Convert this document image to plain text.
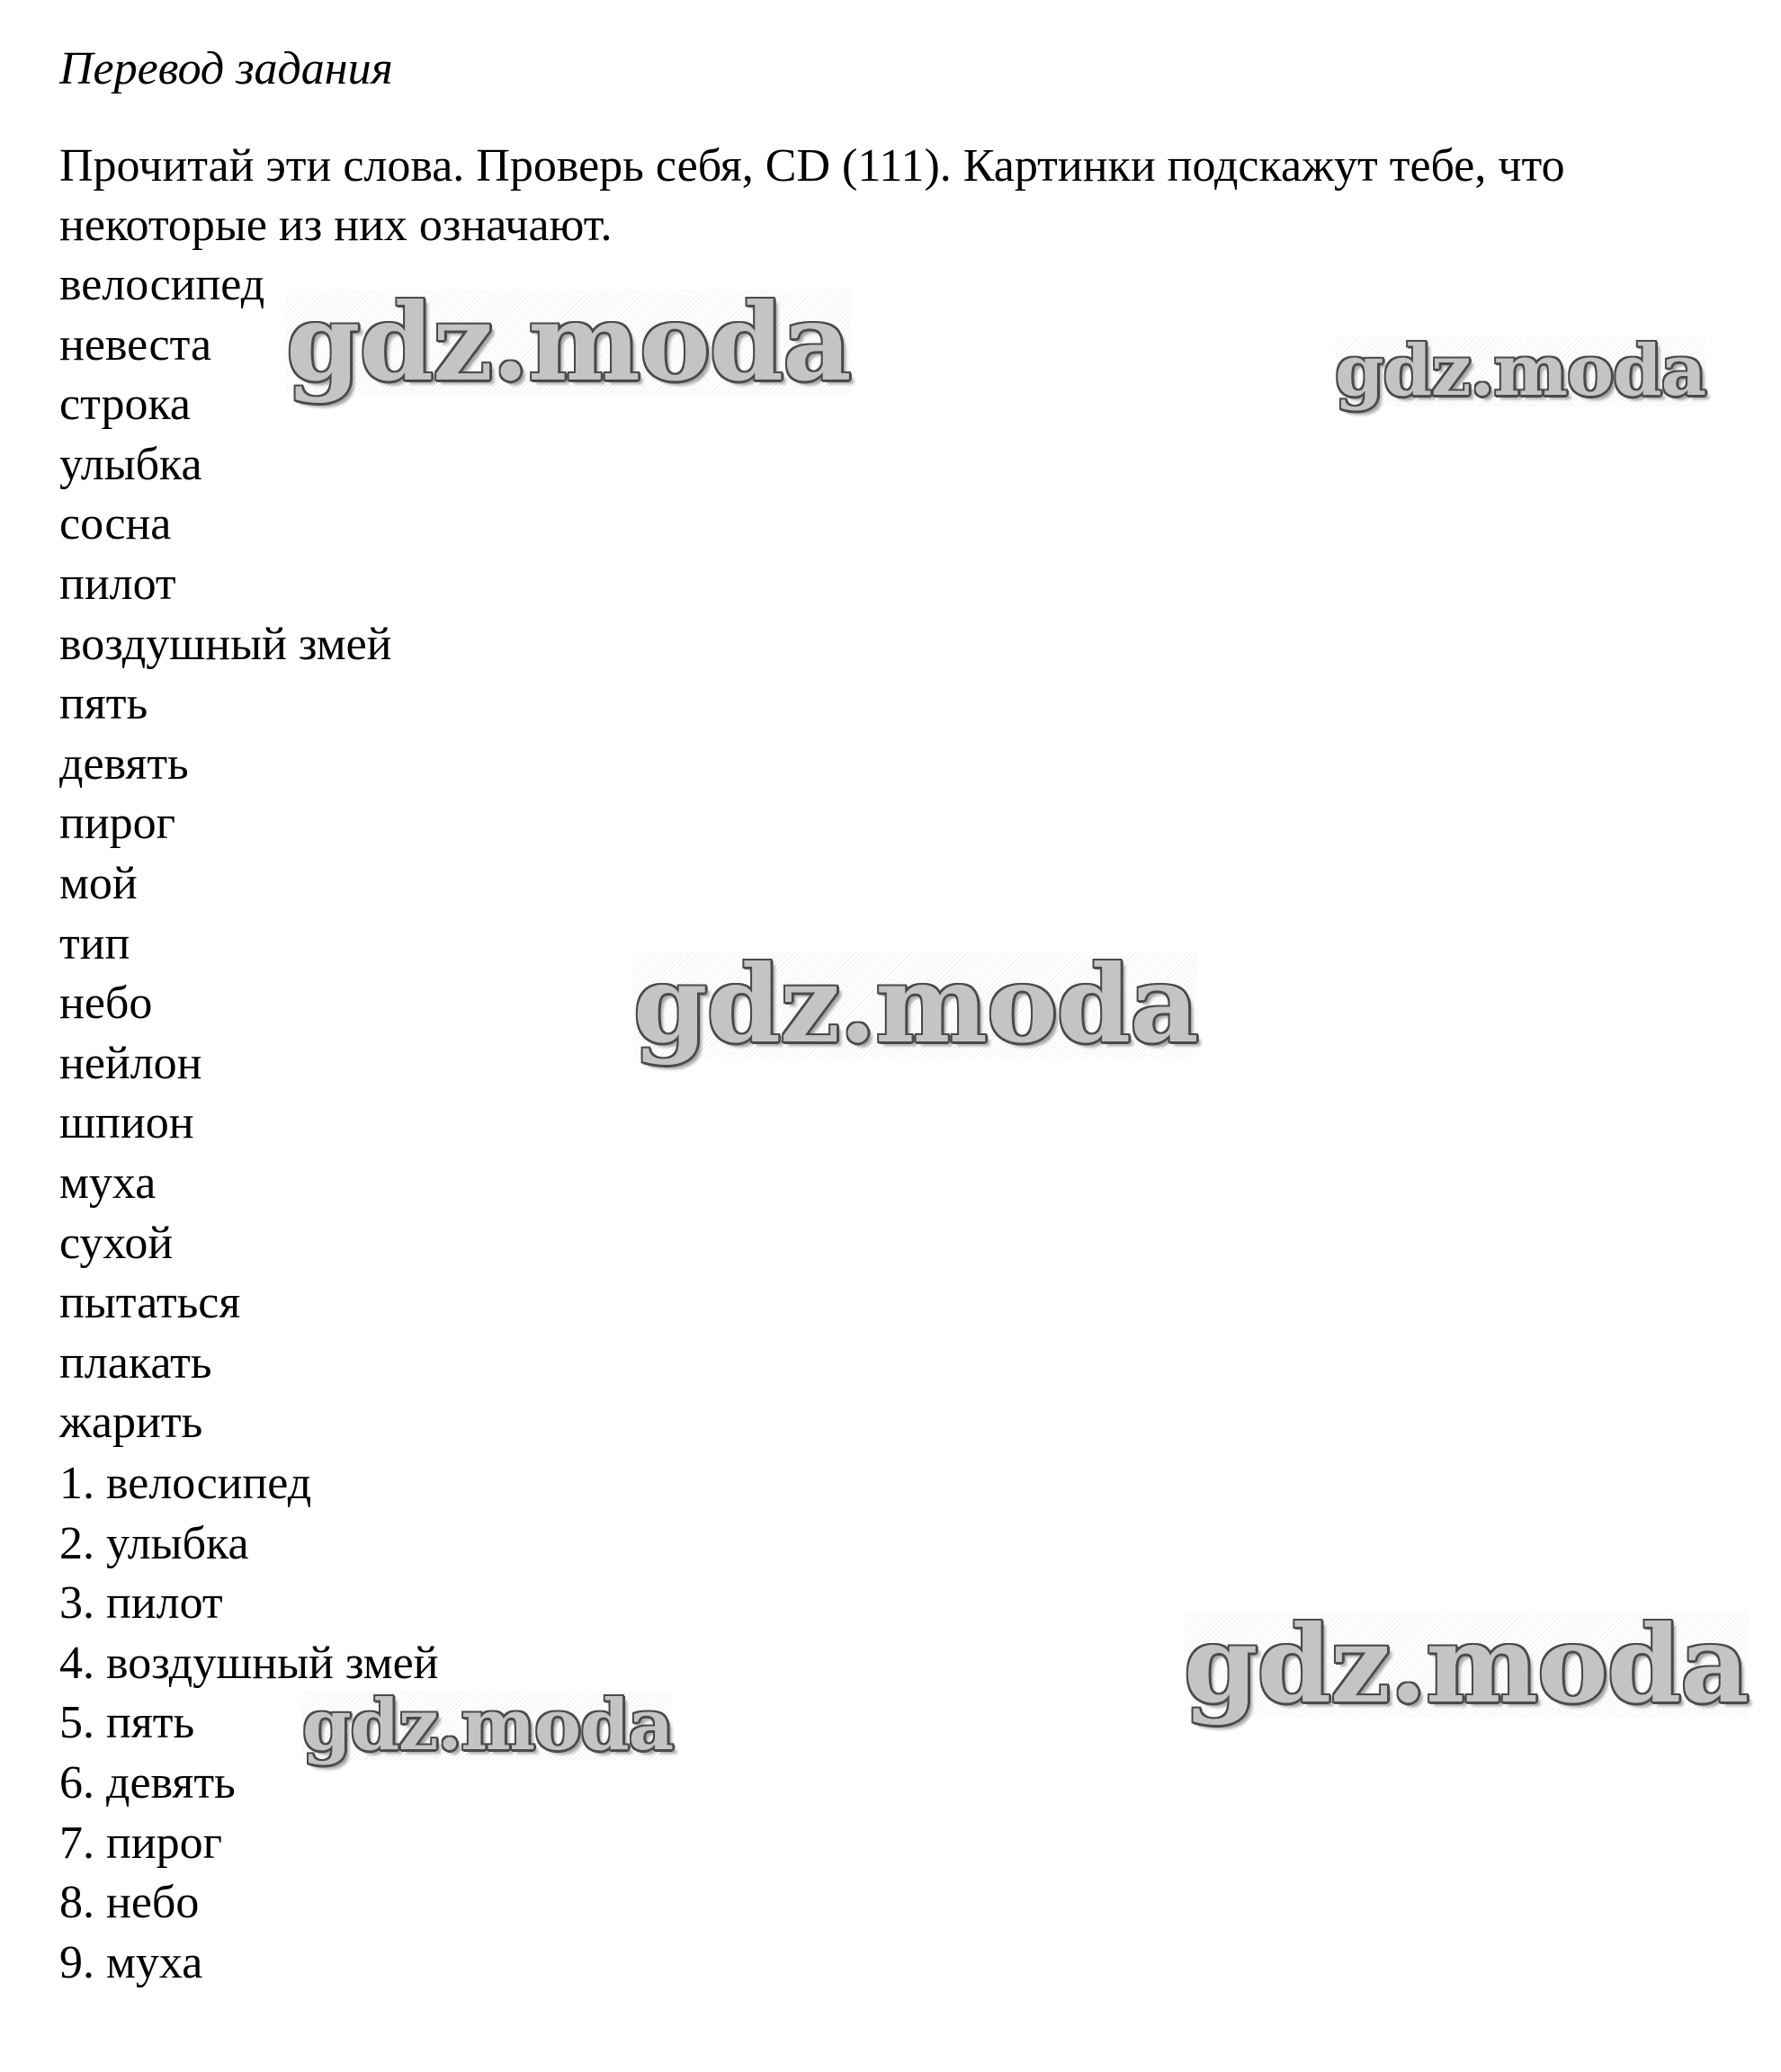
Перевод задания
Прочитай эти слова. Проверь себя, CD (111). Картинки подскажут тебе, что
некоторые из них означают.
велосипед
невеста
строка
улыбка
сосна
пилот
воздушный змей
пять
девять
пирог
мой
тип
небо
нейлон
шпион
муха
сухой
пытаться
плакать
жарить
1. велосипед
2. улыбка
3. пилот
4. воздушный змей
5. пять
6. девять
7. пирог
8. небо
9. муха
gdz.moda	gdz.moda
gdz.moda
gdz.moda
gdz.moda
